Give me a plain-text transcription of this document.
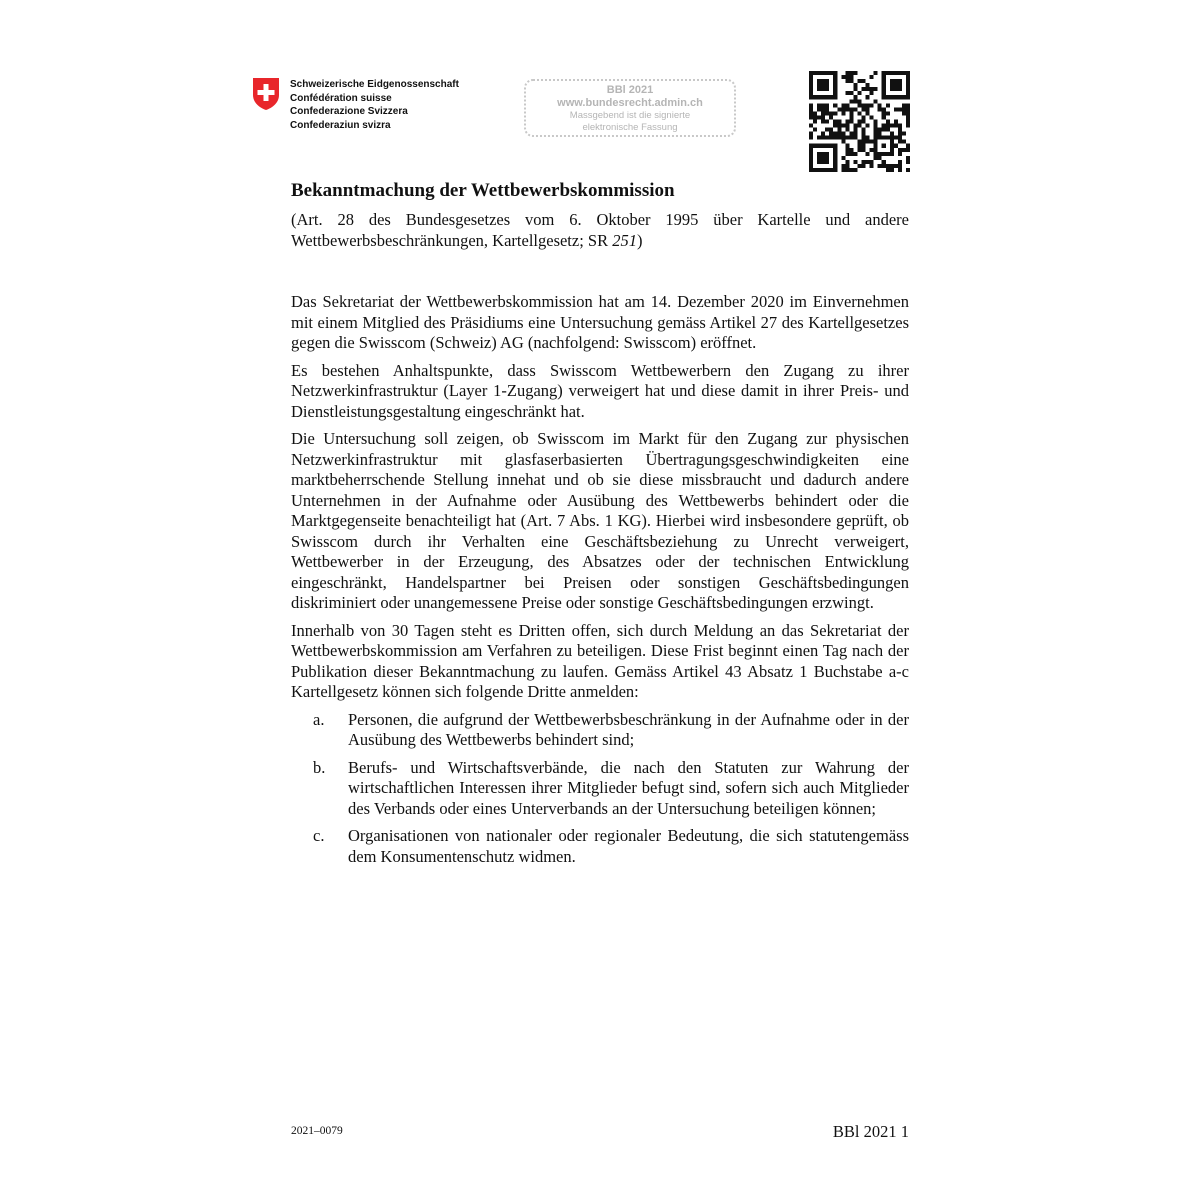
Schweizerische Eidgenossenschaft
Confédération suisse
Confederazione Svizzera
Confederaziun svizra
BBl 2021
www.bundesrecht.admin.ch
Massgebend ist die signierte
elektronische Fassung
Bekanntmachung der Wettbewerbskommission
(Art. 28 des Bundesgesetzes vom 6. Oktober 1995 über Kartelle und andere Wettbewerbsbeschränkungen, Kartellgesetz; SR 251)

Das Sekretariat der Wettbewerbskommission hat am 14. Dezember 2020 im Einvernehmen mit einem Mitglied des Präsidiums eine Untersuchung gemäss Artikel 27 des Kartellgesetzes gegen die Swisscom (Schweiz) AG (nachfolgend: Swisscom) eröffnet.

Es bestehen Anhaltspunkte, dass Swisscom Wettbewerbern den Zugang zu ihrer Netzwerkinfrastruktur (Layer 1-Zugang) verweigert hat und diese damit in ihrer Preis- und Dienstleistungsgestaltung eingeschränkt hat.

Die Untersuchung soll zeigen, ob Swisscom im Markt für den Zugang zur physischen Netzwerkinfrastruktur mit glasfaserbasierten Übertragungsgeschwindigkeiten eine marktbeherrschende Stellung innehat und ob sie diese missbraucht und dadurch andere Unternehmen in der Aufnahme oder Ausübung des Wettbewerbs behindert oder die Marktgegenseite benachteiligt hat (Art. 7 Abs. 1 KG). Hierbei wird insbesondere geprüft, ob Swisscom durch ihr Verhalten eine Geschäftsbeziehung zu Unrecht verweigert, Wettbewerber in der Erzeugung, des Absatzes oder der technischen Entwicklung eingeschränkt, Handelspartner bei Preisen oder sonstigen Geschäftsbedingungen diskriminiert oder unangemessene Preise oder sonstige Geschäftsbedingungen erzwingt.

Innerhalb von 30 Tagen steht es Dritten offen, sich durch Meldung an das Sekretariat der Wettbewerbskommission am Verfahren zu beteiligen. Diese Frist beginnt einen Tag nach der Publikation dieser Bekanntmachung zu laufen. Gemäss Artikel 43 Absatz 1 Buchstabe a-c Kartellgesetz können sich folgende Dritte anmelden:

a.	Personen, die aufgrund der Wettbewerbsbeschränkung in der Aufnahme oder in der Ausübung des Wettbewerbs behindert sind;
b.	Berufs- und Wirtschaftsverbände, die nach den Statuten zur Wahrung der wirtschaftlichen Interessen ihrer Mitglieder befugt sind, sofern sich auch Mitglieder des Verbands oder eines Unterverbands an der Untersuchung beteiligen können;
c.	Organisationen von nationaler oder regionaler Bedeutung, die sich statutengemäss dem Konsumentenschutz widmen.
2021–0079	BBl 2021 1
